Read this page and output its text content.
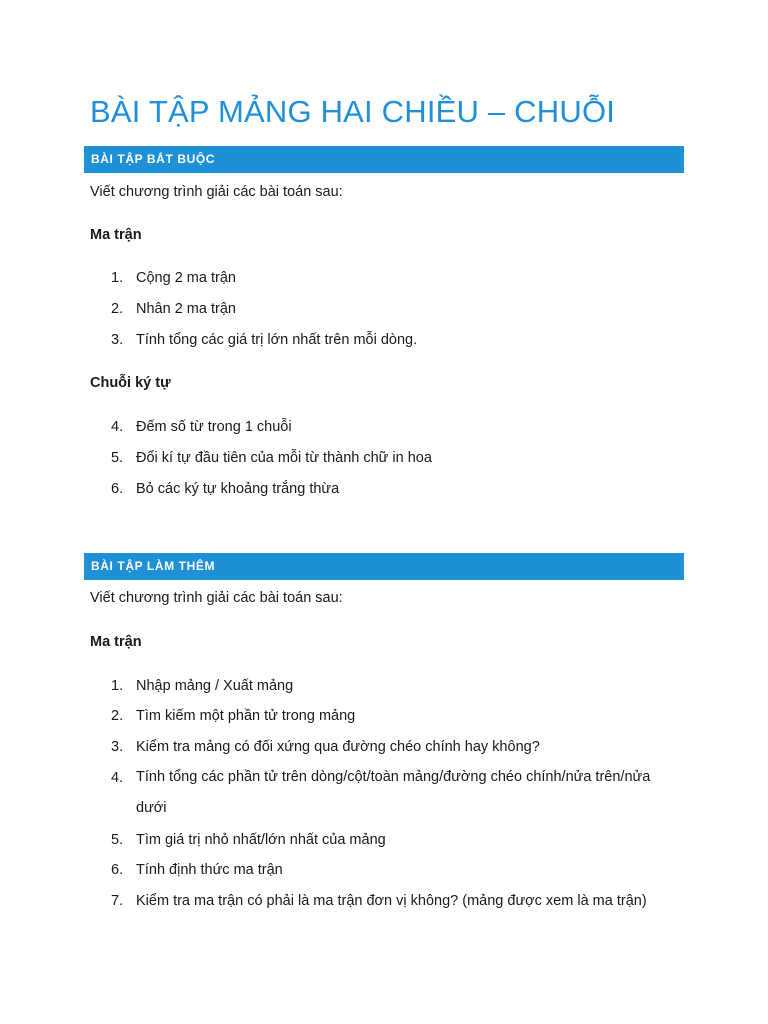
BÀI TẬP MẢNG HAI CHIỀU – CHUỖI
BÀI TẬP BẮT BUỘC
Viết chương trình giải các bài toán sau:
Ma trận
1. Cộng 2 ma trận
2. Nhân 2 ma trận
3. Tính tổng các giá trị lớn nhất trên mỗi dòng.
Chuỗi ký tự
4. Đếm số từ trong 1 chuỗi
5. Đổi kí tự đầu tiên của mỗi từ thành chữ in hoa
6. Bỏ các ký tự khoảng trắng thừa
BÀI TẬP LÀM THÊM
Viết chương trình giải các bài toán sau:
Ma trận
1. Nhập mảng / Xuất mảng
2. Tìm kiếm một phần tử trong mảng
3. Kiểm tra mảng có đối xứng qua đường chéo chính hay không?
4. Tính tổng các phần tử trên dòng/cột/toàn mảng/đường chéo chính/nửa trên/nửa dưới
5. Tìm giá trị nhỏ nhất/lớn nhất của mảng
6. Tính định thức ma trận
7. Kiểm tra ma trận có phải là ma trận đơn vị không? (mảng được xem là ma trận)
